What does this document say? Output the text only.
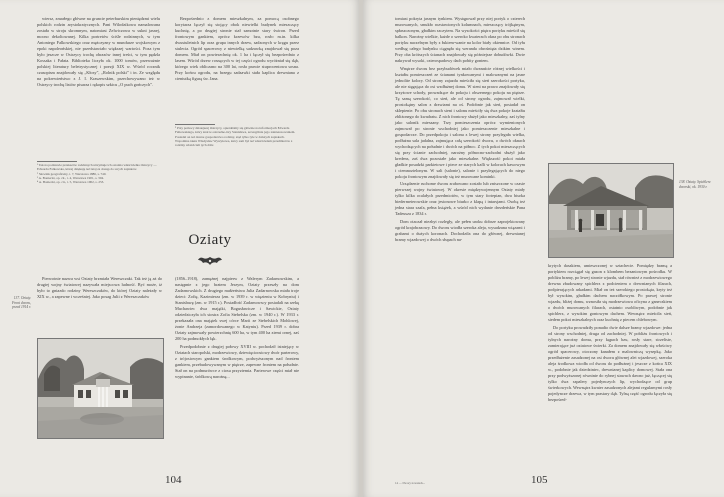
wiersz, zmarłego główne na gruncie peterburskim pieniędzmi wielu polskich rodzin arystokratycznych. Pani Wilodzikowa namalowana została w stroju skromnym, natomiast Zelwiczowa w sukni jasnej, mocno dekoltowanej. Kilka portretów ściśle rodzinnych, w tym Antoniego Falkowskiego oraz mężczyzny w mundurze wojskowym z epoki napoleońskiej, nie przedstawiało większej wartości. Poza tym było jeszcze w Ostrzycy trochę obrazów innej treści, w tym pędzla Kossaka i Fałata. Biblioteka liczyła ok. 1000 tomów, przeważnie polskiej literatury beletrystycznej i poezji XIX w. Wśród rocznik czasopism znajdowały się „Kłosy”, „Rolnik polski” i in. Ze względu na pokrewieństwo z J. I. Kraszewskim, przechowywano też w Ostrzycy trochę listów pisarza i rękopis szkicu „O puch gończych”.

¹ Tak na podstawie przekazów rodzinnych utrzymuje ich ostatnia właścicielka Ostrzycy — Edwarda Falkowska, której dziękuję też tutaj za dostęp do swych zapisków.

² Słownik geograficzny, t. 7, Warszawa 1886, s. 740.

³ A. Boniecki, op. cit., t. 4, Warszawa 1901, s. 304.

⁴ A. Boniecki, op. cit., t. 5, Warszawa 1902, s. 253.

Bezpośrednio z domem mieszkalnym, za pomocą osobnego korytarza łączył się stojący obok niewielki budynek mieszczący kuchnię, a po drugiej stronie stał samotnie stary świron. Przed frontowym gankiem, oprócz krzewów bzu, rosło m.in. kilka dwustuletnich lip oraz grupa innych drzew, sadzonych w kręgu przez stulecia. Ogród spacerowy z niewielką sadzawką znajdował się poza domem. Miał on powierzchnię ok. 1 ha i łączył się bezpośrednio z lasem. Wśród drzew rosnących w tej części ogrodu wyróżniał się dąb, którego wiek obliczano na 300 lat, rosła prawie stuprocentowa sosna. Przy końcu ogrodu, na brzegu sadzawki stała kaplica drewniana z cieniutką figurą św. Jana.

⁵ Przy pomocy dzisiejszej Ostrzycy, opieraliśmy się głównie na informacjach Edwarda Falkowskiego, który znał te ostrzeżne-trzy Stanisława, szczególnie jego zainteresowaniem. Posiadał on też dawne gospodarstwo rodziny, stąd tylko tyle w dalszych zapiskach. Wspomina także Władysław Wyrzykowa, który sam był też właścicielem przedmiotów z rodziny właścicieli tych dóbr.

Oziaty

Pierwotnie nazwa wsi Oziaty brzmiała Wereszczaki. Tak też ją aż do drugiej wojny światowej nazywała miejscowa ludność. Być może, iż było to gniazdo rodziny Wereszczaków, do której Oziaty należały w XIX w., a zapewne i wcześniej. Jako posag Julii z Wereszczaków

(1856–1918), zamężnej najpierw z Walerym Zadarnowskim, a następnie z jego bratem Jerzym, Oziaty przeszły na dom Zadarnowskich. Z drugiego małżeństwa Julia Zadarnowska miała troje dzieci: Zofię, Kazimierza (zm. w 1939 r. w więzieniu w Kobryniu) i Stanisławę (zm. w 1915 r.). Posiadłość Zadarnowscy posiadali na rzekę Muchawiec dwa majątki, Bogusławicze i Sawickie, Oziaty odziedziczyła ich siostra Zofia Stebelska (zm. w 1940 r.). W 1933 r. przekazała ona majątek swej córce Marii ze Stebelskich Mohlowej, żonie Andrzeja (zamordowanego w Katyniu). Przed 1939 r. dobra Oziaty zajmowały powierzchnię 600 ha, w tym 400 ha ziemi ornej, zaś 200 ha podmokłych łąk.

Przedpodobnie z drugiej połowy XVIII w. pochodził istniejący w Oziatach staropolski, modrzewiowy, dziewięcioosiowy dwór parterowy, z trójosiowym gankiem środkowym, podwyższonym nad frontem gankiem, przebudowywanym w piętrze, zapewne frontem na południe. Stał on na podmurówce z ciosu przyziemia. Parterowe części miał nie wypinanie, śródkową narożną...

137. Oziaty. Front dworu, przed 1914 r.
104

tomiast pokryta jasnym tynkiem. Występował przy niej portyk o czterech murowanych, smukło rozstawionych kolumnach, mieszczący trójkątnym, spłaszczonym, gładkim szczytem. Na wysokości piętra portyku mieścił się balkon. Narożny wielkie, każde o szeroko kwaterach okna po obu stronach portyku naczelnym były z łukiem-wanie na kolor biały okiennice. Od tyłu według całego budynku ciągnęła się weranda obrośnięta dzikim winem. Przy oba krótszych ścianach znajdowały się późniejsze dobudówki. Dwie nakrywał wysoki, czterospadowy dach pobity gontem.

Wnętrze dworu bez przybudówek miało dwanaście różnej wielkości i kształtu pomieszczeń ze ścianami tynkowanymi i malowanymi na jasne jednolite kolory. Od strony zajazdu mieściła się sień szerokości portyku, ale nie sięgająca do osi wzdłużnej domu. W sieni na prawo znajdowały się krzyżowe schody, prowadzące do pokoju i obszernego pokoju na piętrze. Tę samą szerokość, co sień, ale od strony ogrodu, zajmował wielki, prostokątny salon z drzwiami na oś. Podobnie jak sień, posiadał on sklepienie. Po obu stronach sieni i salonu mieściły się dwa pokoje kształtu zbliżonego do kwadratu. Z nich frontowy służył jako mieszkalny, zaś tylny jako salonik mieszany. Trzy pomieszczenia oprócz wymienionych zajmował po stronie wschodniej jako pomieszczenie mieszkalne i gospodarcze. Do przedpokoju i salonu z lewej strony przylegała wielka, podłużna sala jadalna, zajmująca całą szerokość dworu, o dwóch oknach wychodzących na południe i dwóch na północ. Z tych pokoi mieszczących się przy ścianie zachodniej, narożny północno-zachodni służył jako kredens, zaś dwa pozostałe jako mieszkalne. Większość pokoi miała gładkie posadzki parkietowe i piece ze starych kafli w kolorach kawowym i ciemnozielonym. W sali (salonie), salonie i przylegających do niego pokoju frontowym znajdowały się też murowane kominki.

Urządzenie ruchome dworu zrabowano zostało lub zniszczone w czasie pierwszej wojny światowej. W okresie międzywojennym Oziaty miały tylko kilka ocalałych przedmiotów, w tym stary fortepian, dwa biurka biedermeierowskie oraz jesionowe biurko z klapą i intarsjami. Osobą też jedna stara szafa, pełna książek, a wśród nich wydanie drezdeńskie Pana Tadeusza z 1834 r.

Dom otaczał niezbyt rozległy, ale pełen uroku dobrze zaprojektowany ogród krajobrazowy. Do dworu wiodła szeroka aleja, wysadzana wiązami i grabami o dużych koronach. Dochodziła ona do głównej, drewnianej bramy wjazdowej o dwóch słupach na-

138. Oziaty. Spichlerz dworski, ok. 1930 r.

krytych daszkiem, umieszczonej w sztachecie. Pomiędzy bramą a portykiem rozciągał się gazon z klombem bezaniowym pośrodku. W pobliżu bramy, po lewej stronie wjazdu, stał również z modrzewiowego drewna zbudowany spichlerz z podcieniem o drewnianych filarach, podpierających arkadami. Miał on też szerokiego prostokąta, kryty też był wysokim, gładkim dachem naczółkowym. Po prawej stronie wjazdu, bliżej domu, wznosiła się modrzewiowa oficyna z ganeczkiem o dwóch murowanych filarach, ostatnio osobliwym, podobnie jak spichlerz, z wysokim gontowym dachem. Wewnątrz mieściła sień, siedem pokoi mieszkalnych oraz kuchnię z piecem chlebowym.

Do portyku prowadziły ponadto dwie dalsze bramy wjazdowe: jedna od strony wschodniej, druga od zachodniej. W pobliżu frontowych i tylnych narożny domu, przy kępach bzu, rosły stare, strzeliste, zamierające już oziatowe świerki. Za domem znajdowały się właściwy ogród spacerowy, otoczony kanałem z malowniczą wysepką. Jako przedłużenie zasadzonej na osi dworu głównej alei wjazdowej, szeroka aleja środkowa wiodła od dworu do podłużnej i jeszcze z końca XIX w., podobnie jak dziedziniec, drewnianej kaplicy domowej. Stała ona przy podwyższonej równinie do rybnej stawach dawno już, łączącej się tylko dwa szpalery pojedynczych lip, wychodzące od grup świerkowych. Wewnątrz kwater zasadzonych alejami regularnymi rosły pojedyncze drzewa, w tym prastary dąb. Tylną część ogrodu łączyła się bezpośred-

14 — Dwory nowsieck...	105
